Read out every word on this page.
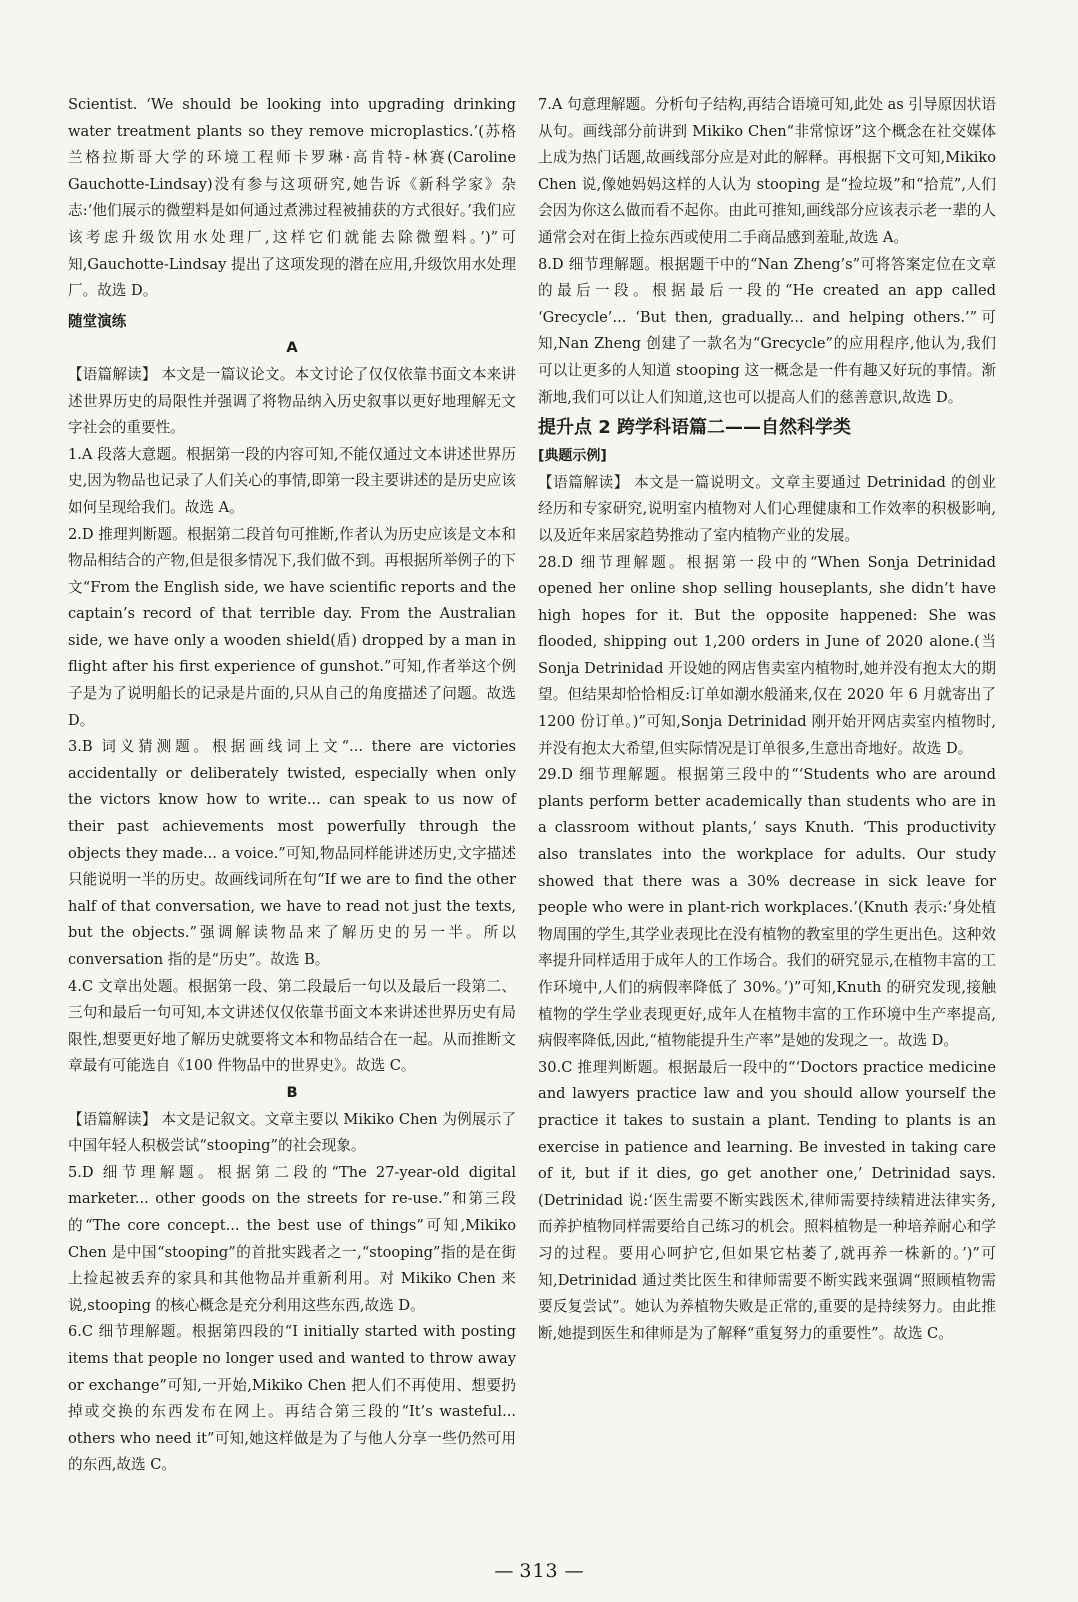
Scientist. ‘We should be looking into upgrading drinking water treatment plants so they remove microplastics.’(苏格兰格拉斯哥大学的环境工程师卡罗琳·高肯特-林赛(Caroline Gauchotte-Lindsay)没有参与这项研究,她告诉《新科学家》杂志:‘他们展示的微塑料是如何通过煮沸过程被捕获的方式很好。’我们应该考虑升级饮用水处理厂,这样它们就能去除微塑料。’)”可知,Gauchotte-Lindsay 提出了这项发现的潜在应用,升级饮用水处理厂。故选 D。

随堂演练

A

【语篇解读】 本文是一篇议论文。本文讨论了仅仅依靠书面文本来讲述世界历史的局限性并强调了将物品纳入历史叙事以更好地理解无文字社会的重要性。

1.A 段落大意题。根据第一段的内容可知,不能仅通过文本讲述世界历史,因为物品也记录了人们关心的事情,即第一段主要讲述的是历史应该如何呈现给我们。故选 A。

2.D 推理判断题。根据第二段首句可推断,作者认为历史应该是文本和物品相结合的产物,但是很多情况下,我们做不到。再根据所举例子的下文“From the English side, we have scientific reports and the captain’s record of that terrible day. From the Australian side, we have only a wooden shield(盾) dropped by a man in flight after his first experience of gunshot.”可知,作者举这个例子是为了说明船长的记录是片面的,只从自己的角度描述了问题。故选 D。

3.B 词义猜测题。根据画线词上文“... there are victories accidentally or deliberately twisted, especially when only the victors know how to write... can speak to us now of their past achievements most powerfully through the objects they made... a voice.”可知,物品同样能讲述历史,文字描述只能说明一半的历史。故画线词所在句“If we are to find the other half of that conversation, we have to read not just the texts, but the objects.”强调解读物品来了解历史的另一半。所以 conversation 指的是“历史”。故选 B。

4.C 文章出处题。根据第一段、第二段最后一句以及最后一段第二、三句和最后一句可知,本文讲述仅仅依靠书面文本来讲述世界历史有局限性,想要更好地了解历史就要将文本和物品结合在一起。从而推断文章最有可能选自《100 件物品中的世界史》。故选 C。

B

【语篇解读】 本文是记叙文。文章主要以 Mikiko Chen 为例展示了中国年轻人积极尝试“stooping”的社会现象。

5.D 细节理解题。根据第二段的“The 27-year-old digital marketer... other goods on the streets for re-use.”和第三段的“The core concept... the best use of things”可知,Mikiko Chen 是中国“stooping”的首批实践者之一,“stooping”指的是在街上捡起被丢弃的家具和其他物品并重新利用。对 Mikiko Chen 来说,stooping 的核心概念是充分利用这些东西,故选 D。

6.C 细节理解题。根据第四段的“I initially started with posting items that people no longer used and wanted to throw away or exchange”可知,一开始,Mikiko Chen 把人们不再使用、想要扔掉或交换的东西发布在网上。再结合第三段的“It’s wasteful... others who need it”可知,她这样做是为了与他人分享一些仍然可用的东西,故选 C。

7.A 句意理解题。分析句子结构,再结合语境可知,此处 as 引导原因状语从句。画线部分前讲到 Mikiko Chen“非常惊讶”这个概念在社交媒体上成为热门话题,故画线部分应是对此的解释。再根据下文可知,Mikiko Chen 说,像她妈妈这样的人认为 stooping 是“捡垃圾”和“拾荒”,人们会因为你这么做而看不起你。由此可推知,画线部分应该表示老一辈的人通常会对在街上捡东西或使用二手商品感到羞耻,故选 A。

8.D 细节理解题。根据题干中的“Nan Zheng’s”可将答案定位在文章的最后一段。根据最后一段的“He created an app called ‘Grecycle’... ‘But then, gradually... and helping others.’”可知,Nan Zheng 创建了一款名为“Grecycle”的应用程序,他认为,我们可以让更多的人知道 stooping 这一概念是一件有趣又好玩的事情。渐渐地,我们可以让人们知道,这也可以提高人们的慈善意识,故选 D。

提升点 2 跨学科语篇二——自然科学类

[典题示例]

【语篇解读】 本文是一篇说明文。文章主要通过 Detrinidad 的创业经历和专家研究,说明室内植物对人们心理健康和工作效率的积极影响,以及近年来居家趋势推动了室内植物产业的发展。

28.D 细节理解题。根据第一段中的“When Sonja Detrinidad opened her online shop selling houseplants, she didn’t have high hopes for it. But the opposite happened: She was flooded, shipping out 1,200 orders in June of 2020 alone.(当 Sonja Detrinidad 开设她的网店售卖室内植物时,她并没有抱太大的期望。但结果却恰恰相反:订单如潮水般涌来,仅在 2020 年 6 月就寄出了 1200 份订单。)”可知,Sonja Detrinidad 刚开始开网店卖室内植物时,并没有抱太大希望,但实际情况是订单很多,生意出奇地好。故选 D。

29.D 细节理解题。根据第三段中的“‘Students who are around plants perform better academically than students who are in a classroom without plants,’ says Knuth. ‘This productivity also translates into the workplace for adults. Our study showed that there was a 30% decrease in sick leave for people who were in plant-rich workplaces.’(Knuth 表示:‘身处植物周围的学生,其学业表现比在没有植物的教室里的学生更出色。这种效率提升同样适用于成年人的工作场合。我们的研究显示,在植物丰富的工作环境中,人们的病假率降低了 30%。’)”可知,Knuth 的研究发现,接触植物的学生学业表现更好,成年人在植物丰富的工作环境中生产率提高,病假率降低,因此,“植物能提升生产率”是她的发现之一。故选 D。

30.C 推理判断题。根据最后一段中的“‘Doctors practice medicine and lawyers practice law and you should allow yourself the practice it takes to sustain a plant. Tending to plants is an exercise in patience and learning. Be invested in taking care of it, but if it dies, go get another one,’ Detrinidad says.(Detrinidad 说:‘医生需要不断实践医术,律师需要持续精进法律实务,而养护植物同样需要给自己练习的机会。照料植物是一种培养耐心和学习的过程。要用心呵护它,但如果它枯萎了,就再养一株新的。’)”可知,Detrinidad 通过类比医生和律师需要不断实践来强调“照顾植物需要反复尝试”。她认为养植物失败是正常的,重要的是持续努力。由此推断,她提到医生和律师是为了解释“重复努力的重要性”。故选 C。

— 313 —
